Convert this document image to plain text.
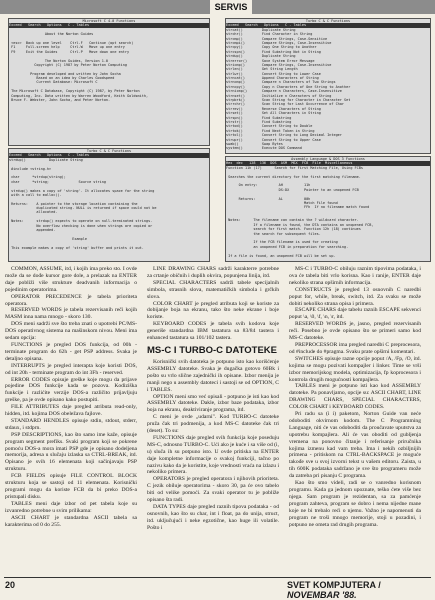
SERVIS
Microsoft C 4.0 Functions
Exceed   Search   Options   C - Tables
About the Norton Guides
<esc>  Back up one level    Ctrl-F   Continue (opt search)
F1     Full-screen help     Ctrl-W   Move up one entry
F9     Exit the Guides      Ctrl-P   Move down one entry
The Norton Guides, Version 1.0
Copyright (C) 1987 by Peter Norton Computing
Program developed and written by John Socha
Based on an idea by Charles Goodspeed
Current Database: Microsoft C
The Microsoft C Database, Copyright (C) 1987, by Peter Norton
Computing, Inc. Data written by Warren Woodford, Keith Goldsmith,
Bruce F. Webster, John Socha, and Peter Norton.
Turbo C & C Functions
Exceed   Search   Options   C - Tables
strdup()           Duplicate String
#include <string.h>
char      *strdup(string);
char      *string;              Source string
strdup() makes a copy of 'string'. It allocates space for the string
with a call to malloc().
Returns:    A pointer to the storage location containing the
duplicated string. NULL is returned if space could not be
allocated.
Notes:      strdup() expects to operate on null-terminated strings.
No overflow checking is done when strings are copied or
appended.
Example
This example makes a copy of 'string' buffer and prints it out.
Turbo C & C Functions
Exceed   Search   Options   C - Tables
strcat()         Duplicate String
strchr()         Find Character in String
strcmp()         Compare Strings, Case-Sensitive
strcmpi()        Compare Strings, Case-Insensitive
strcpy()         Copy One String to Another
strcspn()        Find Substring Not in String
strdup()         Duplicate String
strerror()       Save System Error Message
stricmp()        Compare Strings, Case-Insensitive
strlen()         Get String Length
strlwr()         Convert String to Lower Case
strncat()        Append Characters of String
strncmp()        Compare n Characters of Two Strings
strncpy()        Copy n Characters of One String to Another
strnicmp()       Compare n Characters, Case-Insensitive
strnset()        Initialize n Characters of String
strpbrk()        Scan String for Character in Character Set
strrchr()        Scan String for Last Occurrence of Char
strrev()         Reverse Characters of String
strset()         Set All Characters in String
strspn()         Find Substring
strstr()         Find Substring
strtod()         Convert String to Double
strtok()         Find Next Token in String
strtol()         Convert String to Long Decimal Integer
strupr()         Convert String to Upper Case
swab()           Swap Bytes
system()         Execute DOS Command
Assembly Language & DOS 3 Functions
Hex  dec   128  136  DOS  ASM  MSX  FCB  File  Miscellaneous
Function 11h (17)      Search for First Matching File, Using FCBs
Searches the current directory for the first matching filename.
On entry:          AH          11h
DS:DX       Pointer to an unopened FCB
Returns:           AL          00h
Match File found
FFh  If no filename match found
Notes:      The filename can contain the ? wildcard character.
If a filename is found, the DTA contains an unopened FCB,
search for first match. Function 12h (18) continues
the search for subsequent files.
If the FCB filename is used for creating
an unopened FCB in preparation for searching.
If a file is found, an unopened FCB will be set up.

COMMON, ASSUME, itd, i kojih ima preko sto. I ovde može da se dođe kursor gore dole, a prelazak na ENTER daje pobliži više strukture deadvanih informacija o pojedinim operatorima.

OPERATOR PRECEDENCE je tabela prioriteta operatora.

RESERVED WORDS je tabela rezervisanih reči kojih MASM inna nama mnogo - skoro 130.

DOS meni sadrži sve što treba znati o upotrebi PC/MS-DOS operativnog sistema na mašinskom nivou. Meni ima sedam opcija:

FUNCTIONS je pregled DOS funkcija, od 00h - terminate program do 62h - get PSP address. Svaka je detaljno opisana.

INTERRUPTS je pregled interapta koje koristi DOS, od int 20h - terminate program do int 3Fh - reserved.

ERROR CODES opisuje greške koje mogu da prijave pojedine DOS funkcije kada se pozova. Kodiziška funkcije i razlićite verzije DOS-a različito prijavljuju greške, pa je ovde opisano kako postupiti.

FILE ATTRIBUTES daje pregled atributa read-only, hidden, itd. kojima DOS obeležava fajlove.

STANDARD HENDLES opisuje stdin, stdout, stderr, stdaux, i stdprn.

PSP DESCRIPTIONS, kao što samo ime kaže, opisuje program segment prefiks. Svaki program koji se pokrene pomoću DOS-a mora imati PSP gde je opisano dodeljena memorija, adresa u slučaju izlaska sa CTRL-BREAK, itd. Opisano je svih 16 elemenata koji sačinjavaju PSP strukturu.

FCB FIELDS opisuje FILE CONTROL BLOCK strukturu koja se sastoji od 11 elemenata. Korisnički programi mogu da koriste FCB da bi preko DOS-a pristupali disku.

TABLES meni daje izbor od pet tabela koje su izvanredno potrebne u svim prilikama:

ASCII CHART je standardna ASCII tabela sa karakterima od 0 do 255.

LINE DRAWING CHARS sadrži karakterre potrebne za crtanje običnih i duplih okvira, popunjena linija, itd.

SPECIAL CHARACTERS sadrži tabele specijalnih simbola, strasnih slova, matematičkih simbola i grčkih slova.

COLOR CHART je pregled atributa koji se koriste za dobijanje boja na ekranu, tako što neke ekrane i boje koriste.

KEYBOARD CODES je tabela svih kodova koje generiše standardna IBM tastatura sa 83/84 tastera i enhanced tastatura sa 101/102 tastera.

MS-C I TURBO-C DATOTEKE

Korisnički svih datoteka je potpuno isto kao korišćenje ASSEMBLY datoteke. Svaka je dugačka gotovo 60Bk i pošto su vrlo slične zajednički ih opisane. Izbor menija je manji nego u assembly datoteci i sastoji se od OPTION, C i TABLES.

OPTION meni smo već opisali - potpuno je isti kao kod ASSEMBLY datoteke. Dakle, izbor baze podataka, izbor boja na ekranu, deaktiviranje programa, itd.

C meni je ovde „udarni". Kod TURBO-C datoteke pruža čak tri podmenija, a kod MS-C datoteke čak tri (deset). To su:

FUNCTIONS daje pregled svih funkcija koje poseduju MS-C, odnosno TURBO-C. Ući ako je kuće i sa više od (i, u) sluča ih su potpuno isto. U ovde pritiska na ENTER daje kompletne informacije o svakoj funkciji, tačno po nazivu kako da je koristite, koje vrednosti vraća na izlazu i nekoliko primera.

OPERATORS je pregled operatora i njihovih prioriteta. C jezik obiluje operatorima - skoro 30, pa će ovo tabelo biti od velike pomoći. Za svaki operator tu je pobliže opisano šta radi.

DATA TYPES daje pregled raznih tipova podataka - od osnovnih, kao što su char, int i float, pa do unija, struct, itd. uključujući i neke egzotične, kao huge ili volatile. Pošto i

MS-C i TURBO-C obiluju raznim tipovima podataka, i ova će tabela biti vrlo korisna. Kao i ranije, ENTER daje nekoliko strana opširnih informacija.

CONSTRUCTS je pregled 13 osnovnih C naredbi poput for, while, break, switch, itd. Za svaku se može dobiti nekoliko strana opisa i primera.

ESCAPE CHARS daje tabelu raznih ESCAPE sekvenci poput \a, \0, \f, \n, \r, itd.

RESERVED WORDS je, jasno, pregled rezervisanih reči. Posebno je ovde opisano što se primeri samo kod MS-C datoteke.

PREPROCESSOR ima pregled naredbi C preprocesora, od #include do #pragma. Svaku prate opširni komentari.

SWITCHES opisuje razne opcije poput /A, /Fp, /O, itd. kojima se mogu pozivati kompajler i linker. Time se vrši izbor memorijskog modela, optimizacija, fp koprocesora i kontrola drugih mogućnosti kompajlera.

TABLES meni je potpuno isti kao kod ASSEMBLY datoteke. Pa ponavljamo, opcije su: ASCII CHART, LINE DRAWING CHARS, SPECIAL CHARACTERS, COLOR CHART i KEYBOARD CODES.

Pri radu sa (i i) paketom, Norton Guide van neće odoboditi okvirnom kodom. The C Programming Language, niti će vas odoboditi da proučavate uputstva za upotrebu kompajlera. Ali će vas oboditi od gubljenja vremena na ponovno čitanje i referisanje priručnika kojima izmenu kad vam treba. Ima i nekih ozbiljnijih primena - pritiskom na CTRL-BACKSPACE je moguće takođe sve u svoj izvorni tekst u vašem editoru. Zaista, u tih 600K podataka sadržano je sve što programeru može da zatreba pri pisanju C programa.

Kao što smo videli, radi se o vanredno korisnom programu. Kada ga jednom upoznate, teško ćete više bez njega. Sam program je rezidentan, sa za pamćenje program zahteva, program se dobro i nema nijedne mane koje ne bi trebalo reći o njemu. Važno je napomenuti da program ne troši mnogo memorije, stoji u pozadini, i potpuno ne ometa rad drugih programa.

20	SVET KOMPJUTERA / NOVEMBAR '88.
